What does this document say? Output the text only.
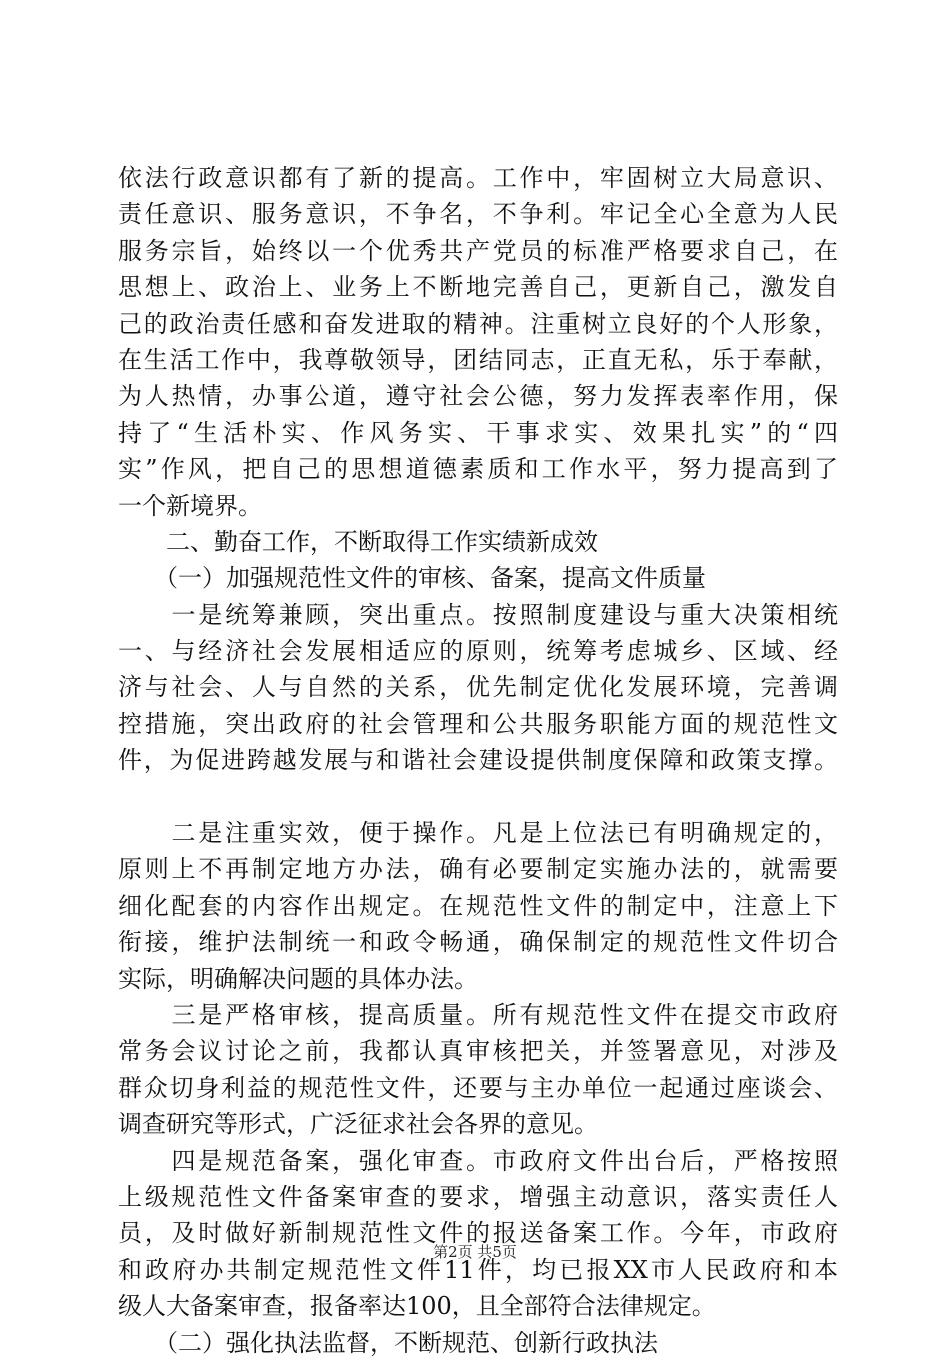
依法行政意识都有了新的提高。工作中，牢固树立大局意识、
责任意识、服务意识，不争名，不争利。牢记全心全意为人民
服务宗旨，始终以一个优秀共产党员的标准严格要求自己，在
思想上、政治上、业务上不断地完善自己，更新自己，激发自
己的政治责任感和奋发进取的精神。注重树立良好的个人形象，
在生活工作中，我尊敬领导，团结同志，正直无私，乐于奉献，
为人热情，办事公道，遵守社会公德，努力发挥表率作用，保
持了“生活朴实、作风务实、干事求实、效果扎实”的“四
实”作风，把自己的思想道德素质和工作水平，努力提高到了
一个新境界。
　　二、勤奋工作，不断取得工作实绩新成效
　　（一）加强规范性文件的审核、备案，提高文件质量
　　一是统筹兼顾，突出重点。按照制度建设与重大决策相统
一、与经济社会发展相适应的原则，统筹考虑城乡、区域、经
济与社会、人与自然的关系，优先制定优化发展环境，完善调
控措施，突出政府的社会管理和公共服务职能方面的规范性文
件，为促进跨越发展与和谐社会建设提供制度保障和政策支撑。
　　二是注重实效，便于操作。凡是上位法已有明确规定的，
原则上不再制定地方办法，确有必要制定实施办法的，就需要
细化配套的内容作出规定。在规范性文件的制定中，注意上下
衔接，维护法制统一和政令畅通，确保制定的规范性文件切合
实际，明确解决问题的具体办法。
　　三是严格审核，提高质量。所有规范性文件在提交市政府
常务会议讨论之前，我都认真审核把关，并签署意见，对涉及
群众切身利益的规范性文件，还要与主办单位一起通过座谈会、
调查研究等形式，广泛征求社会各界的意见。
　　四是规范备案，强化审查。市政府文件出台后，严格按照
上级规范性文件备案审查的要求，增强主动意识，落实责任人
员，及时做好新制规范性文件的报送备案工作。今年，市政府
和政府办共制定规范性文件11件，均已报XX市人民政府和本
级人大备案审查，报备率达100，且全部符合法律规定。
　　（二）强化执法监督，不断规范、创新行政执法
第2页 共5页
